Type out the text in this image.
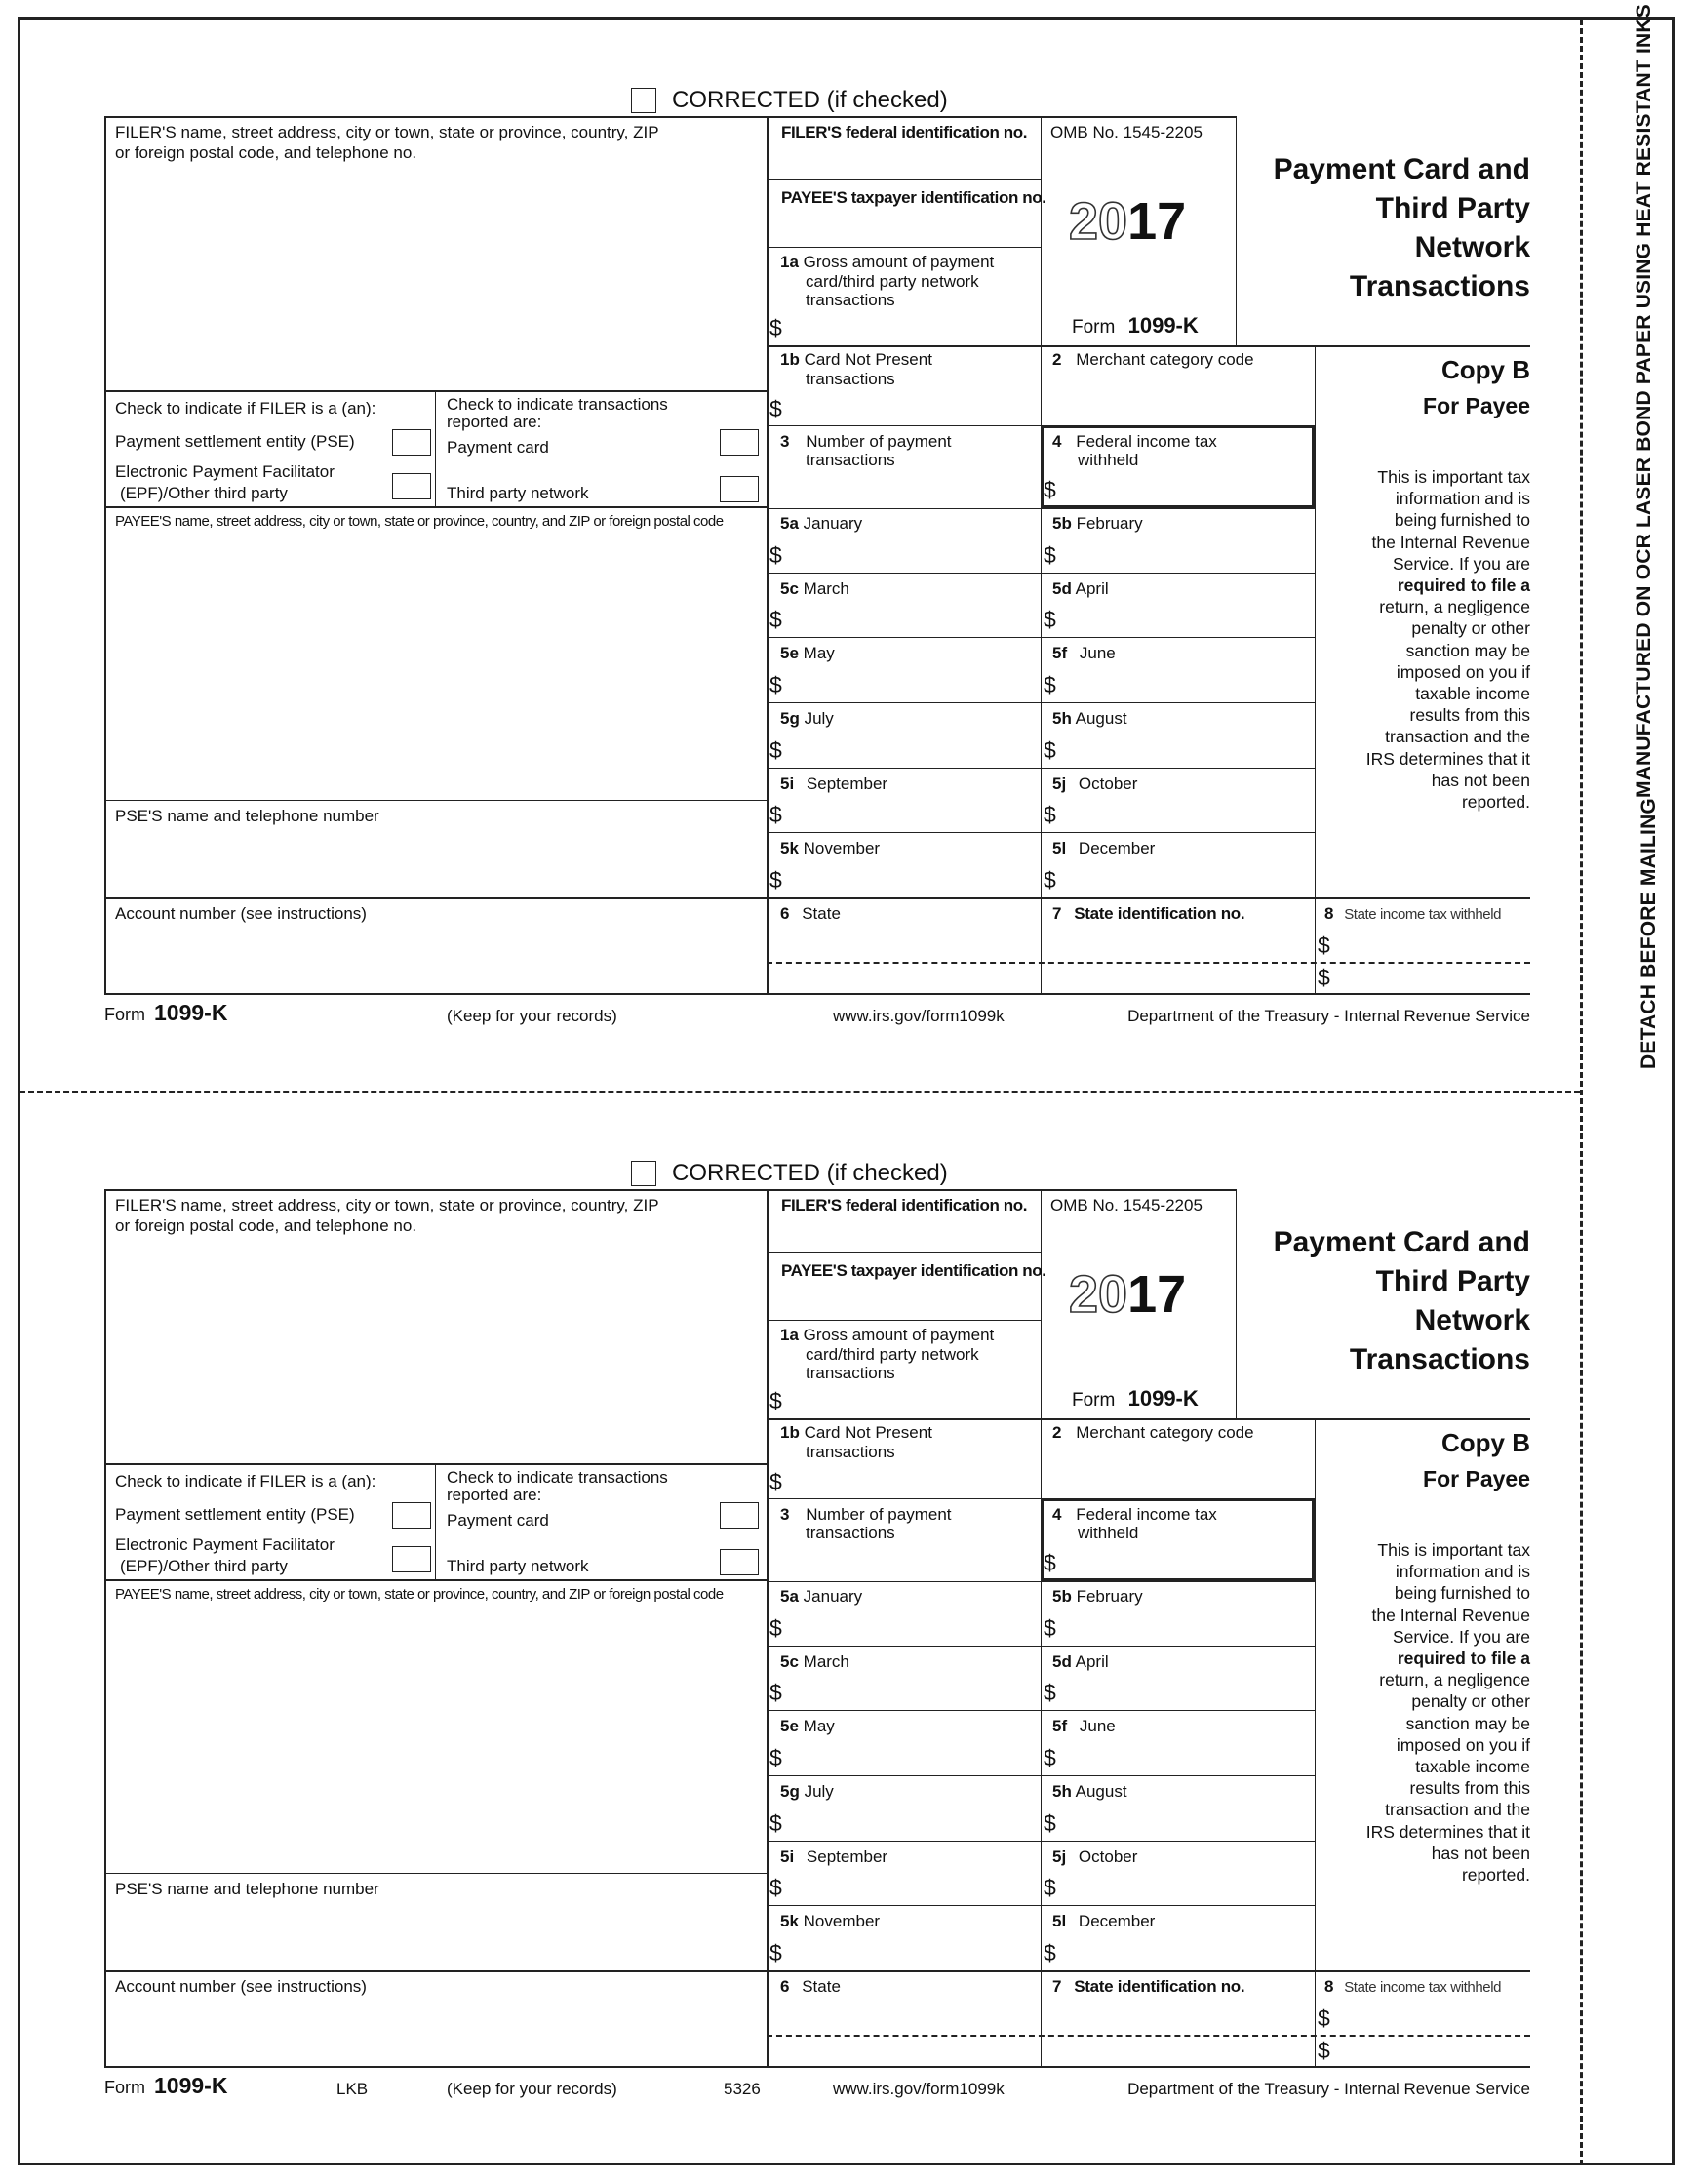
DETACH BEFORE MAILING
MANUFACTURED ON OCR LASER BOND PAPER USING HEAT RESISTANT INKS
CORRECTED (if checked)
FILER'S name, street address, city or town, state or province, country, ZIP
or foreign postal code, and telephone no.
FILER'S federal identification no.
PAYEE'S taxpayer identification no.
1a Gross amount of payment
card/third party network
transactions
$
OMB No. 1545-2205
2017
Form 1099-K
Payment Card and
Third Party
Network
Transactions
Copy B
For Payee
This is important tax
information and is
being furnished to
the Internal Revenue
Service. If you are
required to file a
return, a negligence
penalty or other
sanction may be
imposed on you if
taxable income
results from this
transaction and the
IRS determines that it
has not been
reported.
1b Card Not Present
transactions
$
2 Merchant category code
3 Number of payment
transactions
4 Federal income tax
withheld
$
Check to indicate if FILER is a (an):
Payment settlement entity (PSE)
Electronic Payment Facilitator
(EPF)/Other third party
Check to indicate transactions
reported are:
Payment card
Third party network
PAYEE'S name, street address, city or town, state or province, country, and ZIP or foreign postal code
PSE'S name and telephone number
Account number (see instructions)
5a January
$
5b February
$
5c March
$
5d April
$
5e May
$
5f June
$
5g July
$
5h August
$
5i September
$
5j October
$
5k November
$
5l December
$
6 State	7 State identification no.	8 State income tax withheld
$
$
Form 1099-K	(Keep for your records)	www.irs.gov/form1099k	Department of the Treasury - Internal Revenue Service
CORRECTED (if checked)
FILER'S name, street address, city or town, state or province, country, ZIP
or foreign postal code, and telephone no.
FILER'S federal identification no.
PAYEE'S taxpayer identification no.
1a Gross amount of payment
card/third party network
transactions
$
OMB No. 1545-2205
2017
Form 1099-K
Payment Card and
Third Party
Network
Transactions
Copy B
For Payee
This is important tax
information and is
being furnished to
the Internal Revenue
Service. If you are
required to file a
return, a negligence
penalty or other
sanction may be
imposed on you if
taxable income
results from this
transaction and the
IRS determines that it
has not been
reported.
1b Card Not Present
transactions
$
2 Merchant category code
3 Number of payment
transactions
4 Federal income tax
withheld
$
Check to indicate if FILER is a (an):
Payment settlement entity (PSE)
Electronic Payment Facilitator
(EPF)/Other third party
Check to indicate transactions
reported are:
Payment card
Third party network
PAYEE'S name, street address, city or town, state or province, country, and ZIP or foreign postal code
PSE'S name and telephone number
Account number (see instructions)
5a January
$
5b February
$
5c March
$
5d April
$
5e May
$
5f June
$
5g July
$
5h August
$
5i September
$
5j October
$
5k November
$
5l December
$
6 State	7 State identification no.	8 State income tax withheld
$
$
Form 1099-K	LKB	(Keep for your records)	5326	www.irs.gov/form1099k	Department of the Treasury - Internal Revenue Service
